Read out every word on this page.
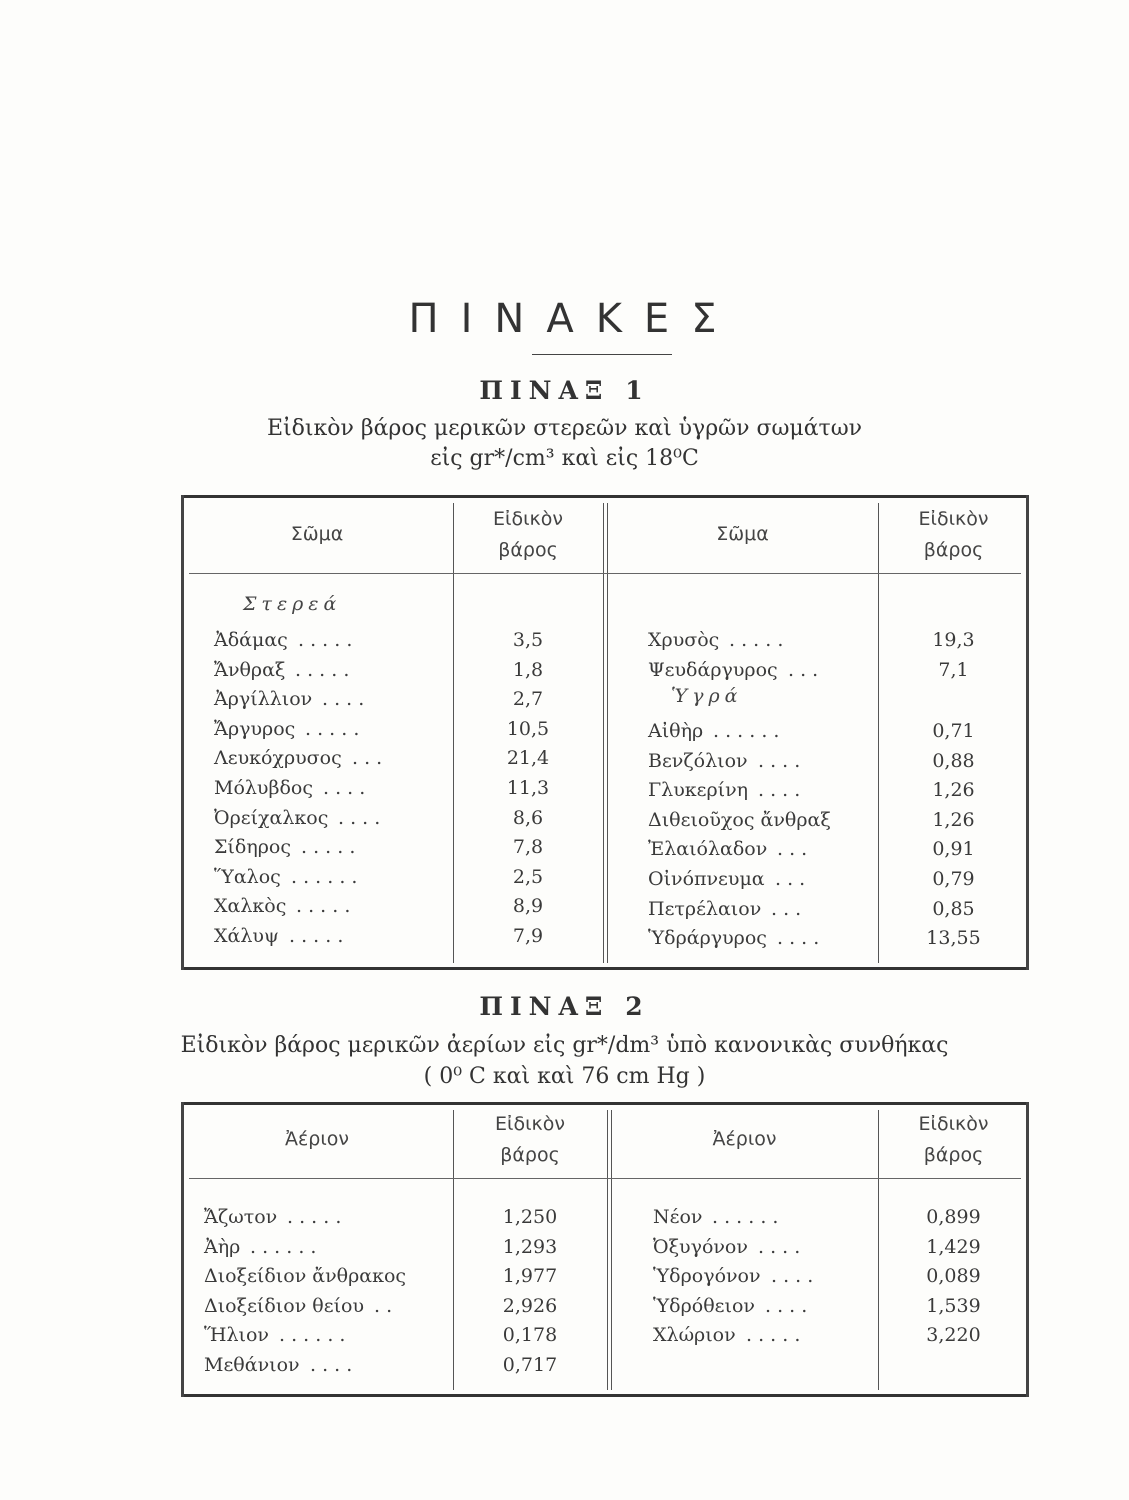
ΠΙΝΑΚΕΣ
ΠΙΝΑΞ 1
Εἰδικὸν βάρος μερικῶν στερεῶν καὶ ὑγρῶν σωμάτων
εἰς gr*/cm³ καὶ εἰς 18⁰C
Σῶμα
Εἰδικὸν
βάρος
Σῶμα
Εἰδικὸν
βάρος
Στερεά
Ὑγρά
Ἀδάμας . . . . .	3,5
Ἄνθραξ . . . . .	1,8
Ἀργίλλιον . . . .	2,7
Ἄργυρος . . . . .	10,5
Λευκόχρυσος . . .	21,4
Μόλυβδος . . . .	11,3
Ὀρείχαλκος . . . .	8,6
Σίδηρος . . . . .	7,8
Ὕαλος . . . . . .	2,5
Χαλκὸς . . . . .	8,9
Χάλυψ . . . . .	7,9
Χρυσὸς . . . . .	19,3
Ψευδάργυρος . . .	7,1
Αἰθὴρ . . . . . .	0,71
Βενζόλιον . . . .	0,88
Γλυκερίνη . . . .	1,26
Διθειοῦχος ἄνθραξ	1,26
Ἐλαιόλαδον . . .	0,91
Οἰνόπνευμα . . .	0,79
Πετρέλαιον . . .	0,85
Ὑδράργυρος . . . .	13,55
ΠΙΝΑΞ 2
Εἰδικὸν βάρος μερικῶν ἀερίων εἰς gr*/dm³ ὑπὸ κανονικὰς συνθήκας
( 0⁰ C καὶ καὶ 76 cm Hg )
Ἀέριον
Εἰδικὸν
βάρος
Ἀέριον
Εἰδικὸν
βάρος
Ἄζωτον . . . . .	1,250
Ἀὴρ . . . . . .	1,293
Διοξείδιον ἄνθρακος	1,977
Διοξείδιον θείου . .	2,926
Ἥλιον . . . . . .	0,178
Μεθάνιον . . . .	0,717
Νέον . . . . . .	0,899
Ὀξυγόνον . . . .	1,429
Ὑδρογόνον . . . .	0,089
Ὑδρόθειον . . . .	1,539
Χλώριον . . . . .	3,220
